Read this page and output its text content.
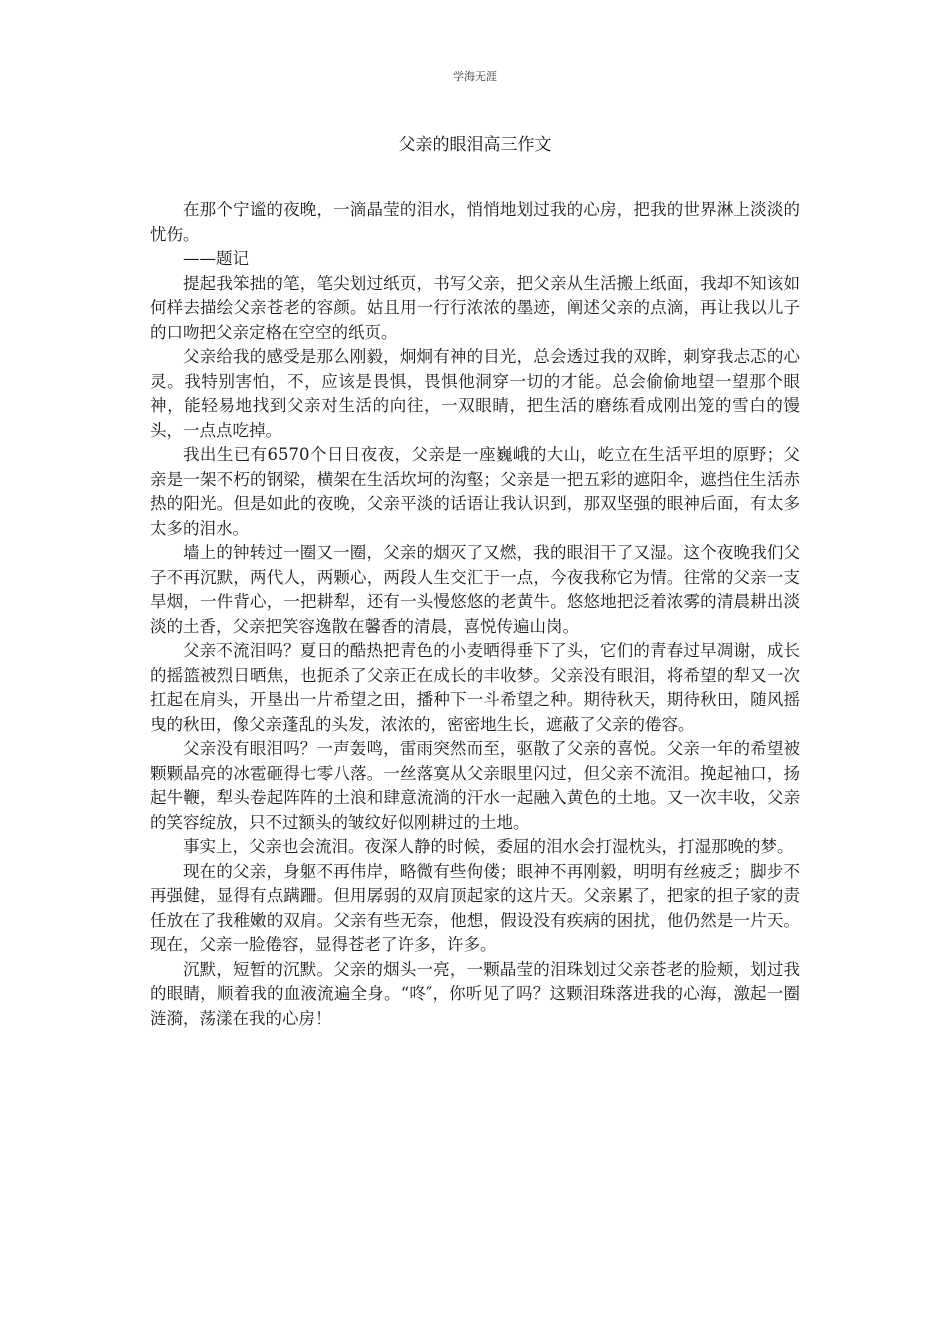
学海无涯
父亲的眼泪高三作文

在那个宁谧的夜晚，一滴晶莹的泪水，悄悄地划过我的心房，把我的世界淋上淡淡的忧伤。

——题记

提起我笨拙的笔，笔尖划过纸页，书写父亲，把父亲从生活搬上纸面，我却不知该如何样去描绘父亲苍老的容颜。姑且用一行行浓浓的墨迹，阐述父亲的点滴，再让我以儿子的口吻把父亲定格在空空的纸页。

父亲给我的感受是那么刚毅，炯炯有神的目光，总会透过我的双眸，刺穿我忐忑的心灵。我特别害怕，不，应该是畏惧，畏惧他洞穿一切的才能。总会偷偷地望一望那个眼神，能轻易地找到父亲对生活的向往，一双眼睛，把生活的磨练看成刚出笼的雪白的馒头，一点点吃掉。

我出生已有6570个日日夜夜，父亲是一座巍峨的大山，屹立在生活平坦的原野；父亲是一架不朽的钢梁，横架在生活坎坷的沟壑；父亲是一把五彩的遮阳伞，遮挡住生活赤热的阳光。但是如此的夜晚，父亲平淡的话语让我认识到，那双坚强的眼神后面，有太多太多的泪水。

墙上的钟转过一圈又一圈，父亲的烟灭了又燃，我的眼泪干了又湿。这个夜晚我们父子不再沉默，两代人，两颗心，两段人生交汇于一点，今夜我称它为情。往常的父亲一支旱烟，一件背心，一把耕犁，还有一头慢悠悠的老黄牛。悠悠地把泛着浓雾的清晨耕出淡淡的土香，父亲把笑容逸散在馨香的清晨，喜悦传遍山岗。

父亲不流泪吗？夏日的酷热把青色的小麦晒得垂下了头，它们的青春过早凋谢，成长的摇篮被烈日晒焦，也扼杀了父亲正在成长的丰收梦。父亲没有眼泪，将希望的犁又一次扛起在肩头，开垦出一片希望之田，播种下一斗希望之种。期待秋天，期待秋田，随风摇曳的秋田，像父亲蓬乱的头发，浓浓的，密密地生长，遮蔽了父亲的倦容。

父亲没有眼泪吗？一声轰鸣，雷雨突然而至，驱散了父亲的喜悦。父亲一年的希望被颗颗晶亮的冰雹砸得七零八落。一丝落寞从父亲眼里闪过，但父亲不流泪。挽起袖口，扬起牛鞭，犁头卷起阵阵的土浪和肆意流淌的汗水一起融入黄色的土地。又一次丰收，父亲的笑容绽放，只不过额头的皱纹好似刚耕过的土地。

事实上，父亲也会流泪。夜深人静的时候，委屈的泪水会打湿枕头，打湿那晚的梦。

现在的父亲，身躯不再伟岸，略微有些佝偻；眼神不再刚毅，明明有丝疲乏；脚步不再强健，显得有点蹒跚。但用孱弱的双肩顶起家的这片天。父亲累了，把家的担子家的责任放在了我稚嫩的双肩。父亲有些无奈，他想，假设没有疾病的困扰，他仍然是一片天。现在，父亲一脸倦容，显得苍老了许多，许多。

沉默，短暂的沉默。父亲的烟头一亮，一颗晶莹的泪珠划过父亲苍老的脸颊，划过我的眼睛，顺着我的血液流遍全身。“咚″，你听见了吗？这颗泪珠落进我的心海，激起一圈涟漪，荡漾在我的心房！
